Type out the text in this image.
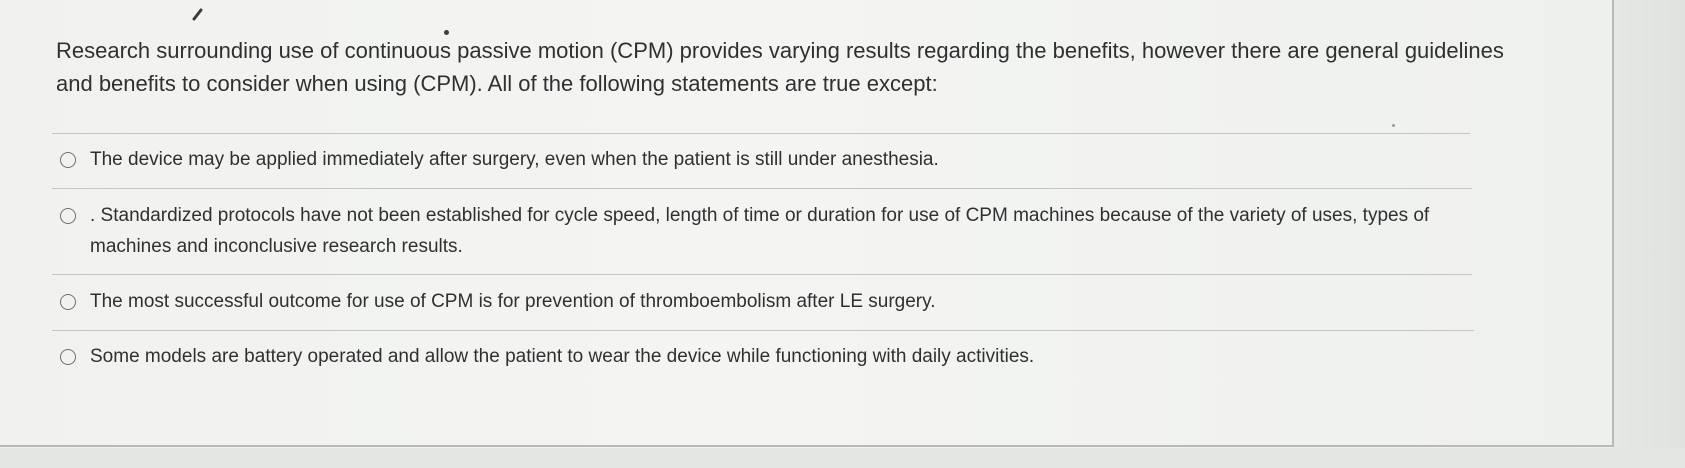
Research surrounding use of continuous passive motion (CPM) provides varying results regarding the benefits, however there are general guidelines and benefits to consider when using (CPM). All of the following statements are true except:

The device may be applied immediately after surgery, even when the patient is still under anesthesia.
. Standardized protocols have not been established for cycle speed, length of time or duration for use of CPM machines because of the variety of uses, types of machines and inconclusive research results.
The most successful outcome for use of CPM is for prevention of thromboembolism after LE surgery.
Some models are battery operated and allow the patient to wear the device while functioning with daily activities.
